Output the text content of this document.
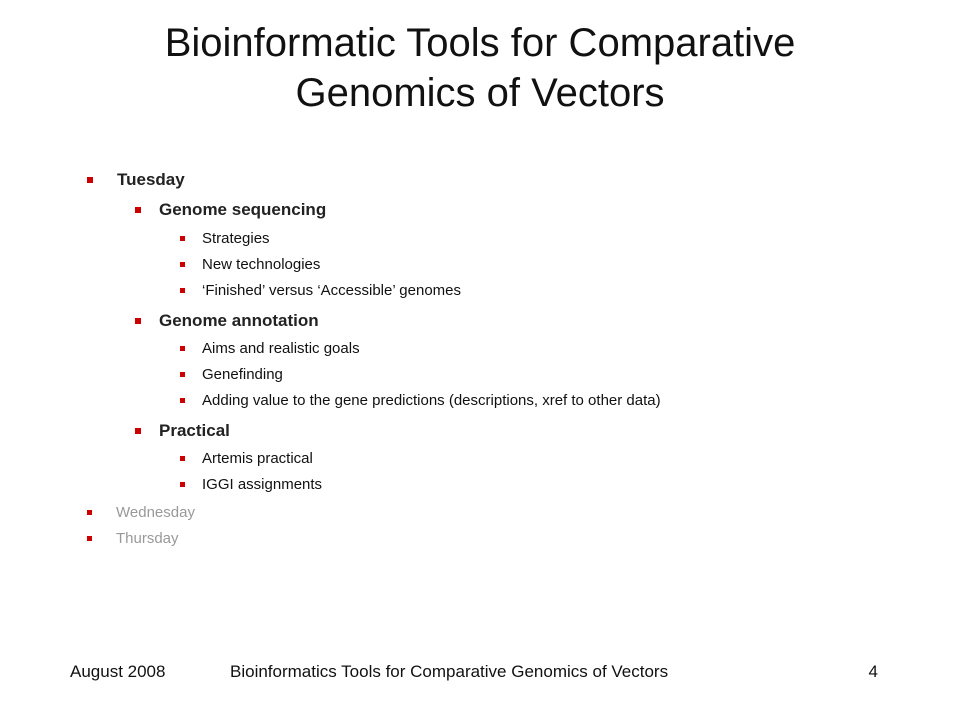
Bioinformatic Tools for Comparative
Genomics of Vectors
Tuesday
Genome sequencing
Strategies
New technologies
‘Finished’ versus ‘Accessible’ genomes
Genome annotation
Aims and realistic goals
Genefinding
Adding value to the gene predictions (descriptions, xref to other data)
Practical
Artemis practical
IGGI assignments
Wednesday
Thursday
August 2008	Bioinformatics Tools for Comparative Genomics of Vectors	4
